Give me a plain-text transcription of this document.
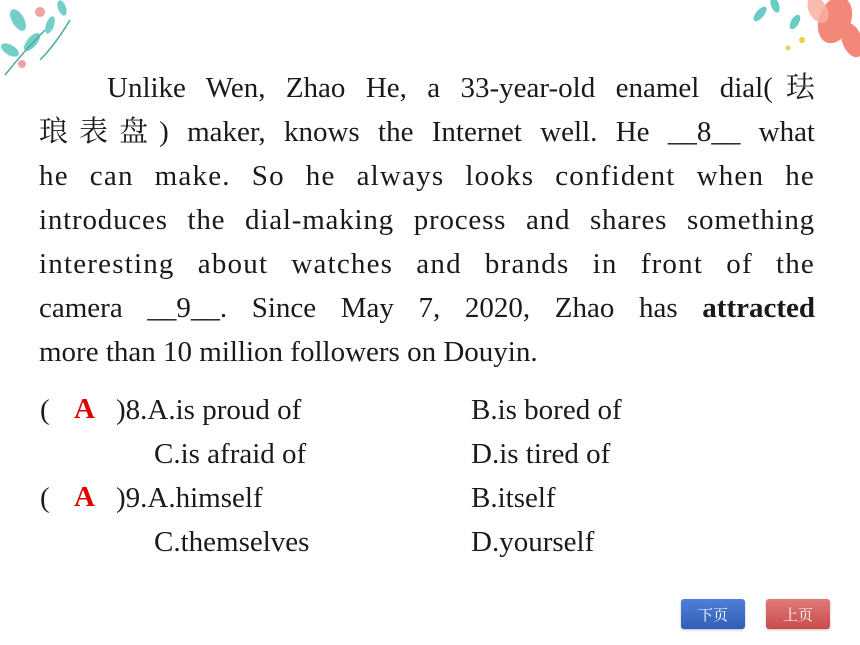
Unlike Wen, Zhao He, a 33-year-old enamel dial(珐
琅表盘) maker, knows the Internet well. He __8__ what
he can make. So he always looks confident when he
introduces the dial-making process and shares something
interesting about watches and brands in front of the
camera __9__. Since May 7, 2020, Zhao has attracted
more than 10 million followers on Douyin.
( A )8.A.is proud of	B.is bored of
C.is afraid of	D.is tired of
( A )9.A.himself	B.itself
C.themselves	D.yourself
下页	上页
